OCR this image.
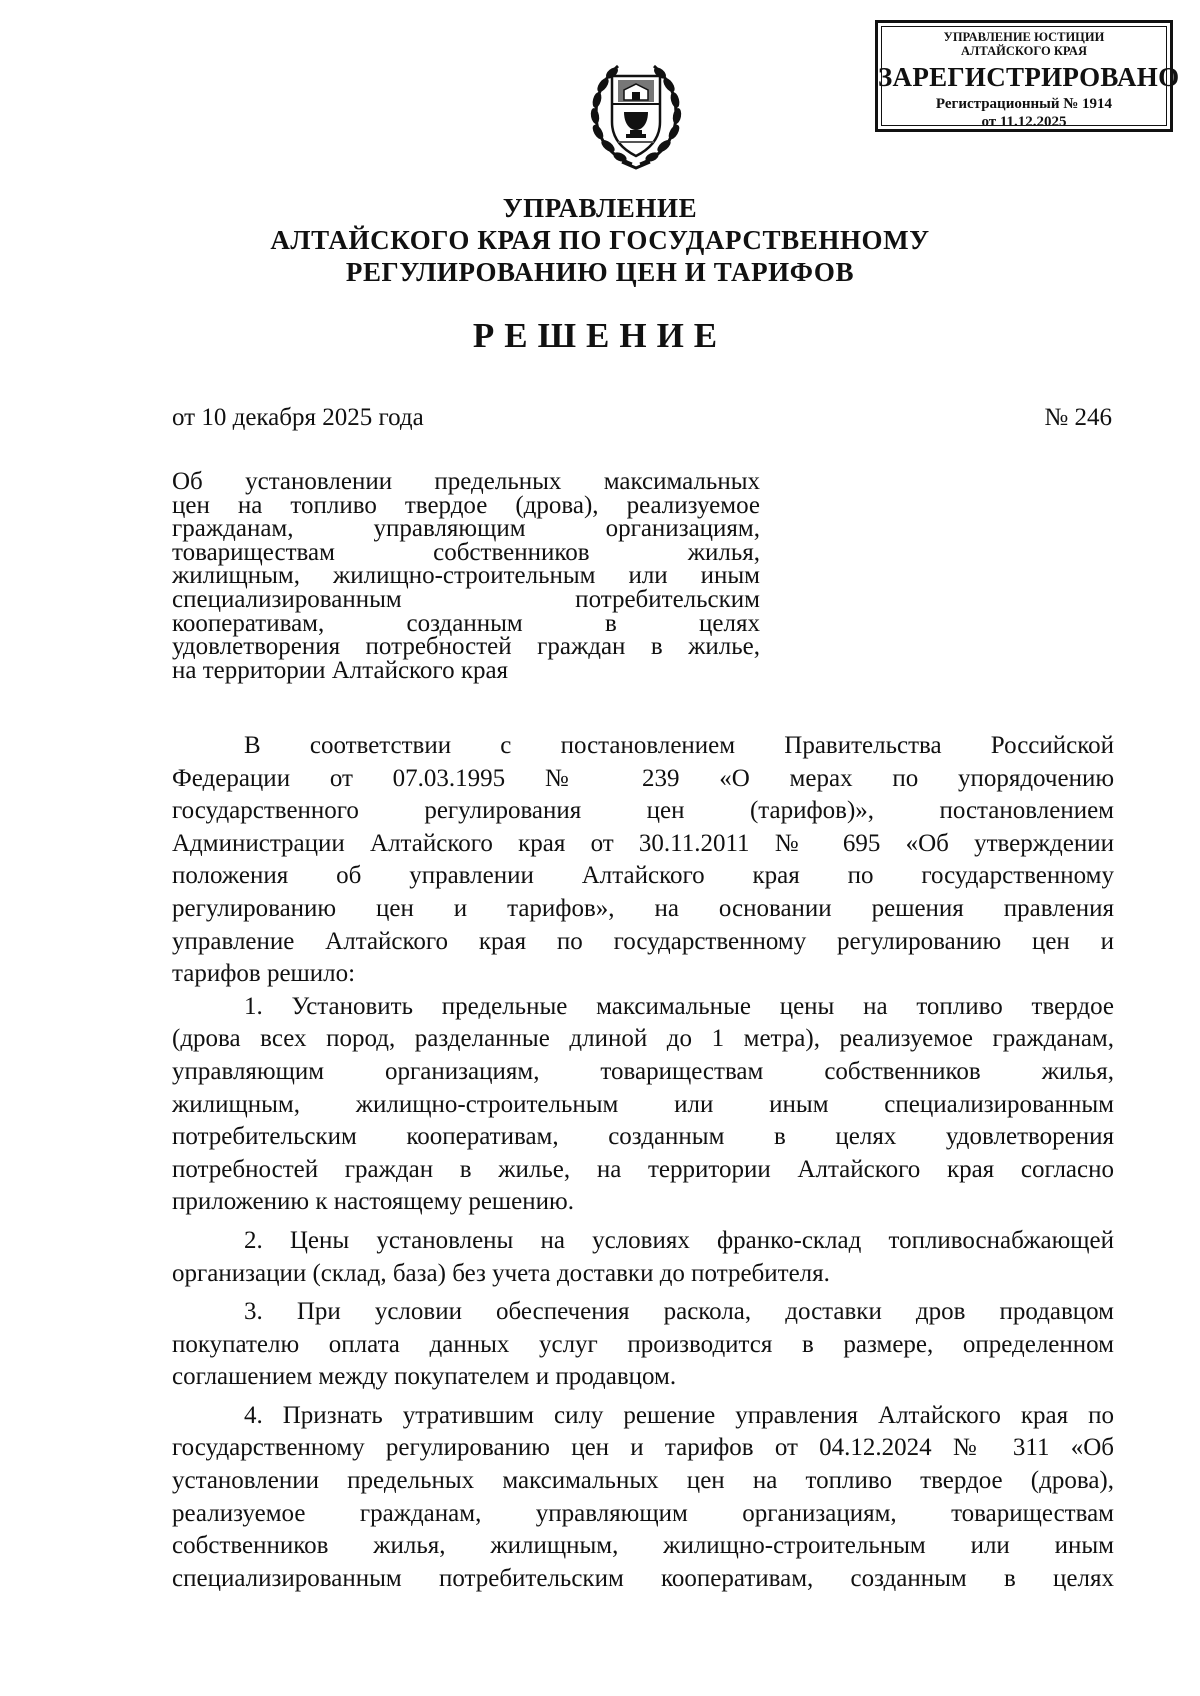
УПРАВЛЕНИЕ ЮСТИЦИИ
АЛТАЙСКОГО КРАЯ
ЗАРЕГИСТРИРОВАНО
Регистрационный № 1914
от 11.12.2025
УПРАВЛЕНИЕ
АЛТАЙСКОГО КРАЯ ПО ГОСУДАРСТВЕННОМУ
РЕГУЛИРОВАНИЮ ЦЕН И ТАРИФОВ
РЕШЕНИЕ
от 10 декабря 2025 года	№ 246
Об установлении предельных максимальных
цен на топливо твердое (дрова), реализуемое
гражданам, управляющим организациям,
товариществам собственников жилья,
жилищным, жилищно-строительным или иным
специализированным потребительским
кооперативам, созданным в целях
удовлетворения потребностей граждан в жилье,
на территории Алтайского края
В соответствии с постановлением Правительства Российской
Федерации от 07.03.1995 № 239 «О мерах по упорядочению
государственного регулирования цен (тарифов)», постановлением
Администрации Алтайского края от 30.11.2011 № 695 «Об утверждении
положения об управлении Алтайского края по государственному
регулированию цен и тарифов», на основании решения правления
управление Алтайского края по государственному регулированию цен и
тарифов решило:
1. Установить предельные максимальные цены на топливо твердое
(дрова всех пород, разделанные длиной до 1 метра), реализуемое гражданам,
управляющим организациям, товариществам собственников жилья,
жилищным, жилищно-строительным или иным специализированным
потребительским кооперативам, созданным в целях удовлетворения
потребностей граждан в жилье, на территории Алтайского края согласно
приложению к настоящему решению.
2. Цены установлены на условиях франко-склад топливоснабжающей
организации (склад, база) без учета доставки до потребителя.
3. При условии обеспечения раскола, доставки дров продавцом
покупателю оплата данных услуг производится в размере, определенном
соглашением между покупателем и продавцом.
4. Признать утратившим силу решение управления Алтайского края по
государственному регулированию цен и тарифов от 04.12.2024 № 311 «Об
установлении предельных максимальных цен на топливо твердое (дрова),
реализуемое гражданам, управляющим организациям, товариществам
собственников жилья, жилищным, жилищно-строительным или иным
специализированным потребительским кооперативам, созданным в целях
